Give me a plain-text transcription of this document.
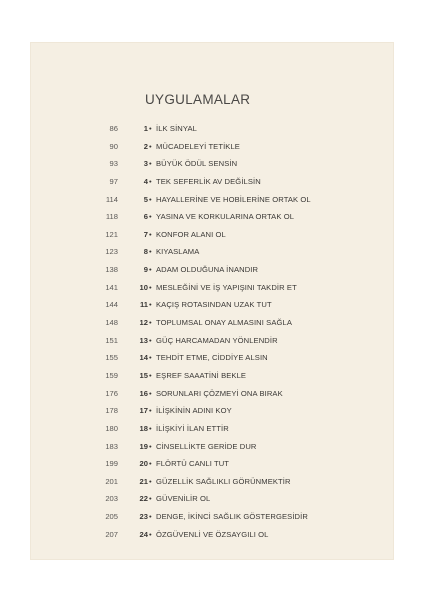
UYGULAMALAR
86	1 • İLK SİNYAL
90	2 • MÜCADELEYİ TETİKLE
93	3 • BÜYÜK ÖDÜL SENSİN
97	4 • TEK SEFERLİK AV DEĞİLSİN
114	5 • HAYALLERİNE VE HOBİLERİNE ORTAK OL
118	6 • YASINA VE KORKULARINA ORTAK OL
121	7 • KONFOR ALANI OL
123	8 • KIYASLAMA
138	9 • ADAM OLDUĞUNA İNANDIR
141	10 • MESLEĞİNİ VE İŞ YAPIŞINI TAKDİR ET
144	11 • KAÇIŞ ROTASINDAN UZAK TUT
148	12 • TOPLUMSAL ONAY ALMASINI SAĞLA
151	13 • GÜÇ HARCAMADAN YÖNLENDİR
155	14 • TEHDİT ETME, CİDDİYE ALSIN
159	15 • EŞREF SAAATİNİ BEKLE
176	16 • SORUNLARI ÇÖZMEYİ ONA BIRAK
178	17 • İLİŞKİNİN ADINI KOY
180	18 • İLİŞKİYİ İLAN ETTİR
183	19 • CİNSELLİKTE GERİDE DUR
199	20 • FLÖRTÜ CANLI TUT
201	21 • GÜZELLİK SAĞLIKLI GÖRÜNMEKTİR
203	22 • GÜVENİLİR OL
205	23 • DENGE, İKİNCİ SAĞLIK GÖSTERGESİDİR
207	24 • ÖZGÜVENLİ VE ÖZSAYGILI OL
